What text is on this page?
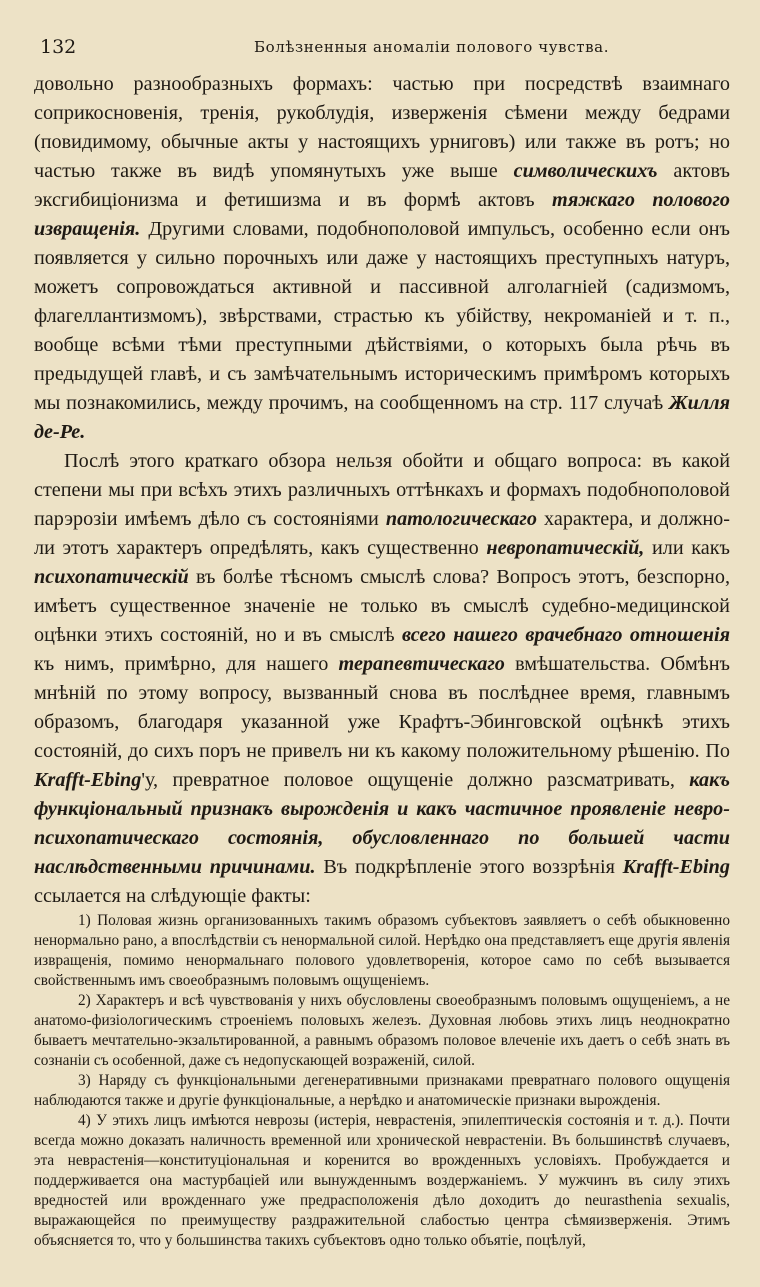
132	Болѣзненныя аномаліи полового чувства.

довольно разнообразныхъ формахъ: частью при посредствѣ взаимнаго соприкосновенія, тренія, рукоблудія, изверженія сѣмени между бедрами (повидимому, обычные акты у настоящихъ урниговъ) или также въ ротъ; но частью также въ видѣ упомянутыхъ уже выше символическихъ актовъ эксгибиціонизма и фетишизма и въ формѣ актовъ тяжкаго полового извращенія. Другими словами, подобнополовой импульсъ, особенно если онъ появляется у сильно порочныхъ или даже у настоящихъ преступныхъ натуръ, можетъ сопровождаться активной и пассивной алголагніей (садизмомъ, флагеллантизмомъ), звѣрствами, страстью къ убійству, некроманіей и т. п., вообще всѣми тѣми преступными дѣйствіями, о которыхъ была рѣчь въ предыдущей главѣ, и съ замѣчательнымъ историческимъ примѣромъ которыхъ мы познакомились, между прочимъ, на сообщенномъ на стр. 117 случаѣ Жилля де-Ре.

Послѣ этого краткаго обзора нельзя обойти и общаго вопроса: въ какой степени мы при всѣхъ этихъ различныхъ оттѣнкахъ и формахъ подобнополовой парэрозіи имѣемъ дѣло съ состояніями патологическаго характера, и должно-ли этотъ характеръ опредѣлять, какъ существенно невропатическій, или какъ психопатическій въ болѣе тѣсномъ смыслѣ слова? Вопросъ этотъ, безспорно, имѣетъ существенное значеніе не только въ смыслѣ судебно-медицинской оцѣнки этихъ состояній, но и въ смыслѣ всего нашего врачебнаго отношенія къ нимъ, примѣрно, для нашего терапевтическаго вмѣшательства. Обмѣнъ мнѣній по этому вопросу, вызванный снова въ послѣднее время, главнымъ образомъ, благодаря указанной уже Крафтъ-Эбинговской оцѣнкѣ этихъ состояній, до сихъ поръ не привелъ ни къ какому положительному рѣшенію. По Krafft-Ebing'у, превратное половое ощущеніе должно разсматривать, какъ функціональный признакъ вырожденія и какъ частичное проявленіе невро-психопатическаго состоянія, обусловленнаго по большей части наслѣдственными причинами. Въ подкрѣпленіе этого воззрѣнія Krafft-Ebing ссылается на слѣдующіе факты:

1) Половая жизнь организованныхъ такимъ образомъ субъектовъ заявляетъ о себѣ обыкновенно ненормально рано, а впослѣдствіи съ ненормальной силой. Нерѣдко она представляетъ еще другія явленія извращенія, помимо ненормальнаго полового удовлетворенія, которое само по себѣ вызывается свойственнымъ имъ своеобразнымъ половымъ ощущеніемъ.

2) Характеръ и всѣ чувствованія у нихъ обусловлены своеобразнымъ половымъ ощущеніемъ, а не анатомо-физіологическимъ строеніемъ половыхъ железъ. Духовная любовь этихъ лицъ неоднократно бываетъ мечтательно-экзальтированной, а равнымъ образомъ половое влеченіе ихъ даетъ о себѣ знать въ сознаніи съ особенной, даже съ недопускающей возраженій, силой.

3) Наряду съ функціональными дегенеративными признаками превратнаго полового ощущенія наблюдаются также и другіе функціональные, а нерѣдко и анатомическіе признаки вырожденія.

4) У этихъ лицъ имѣются неврозы (истерія, неврастенія, эпилептическія состоянія и т. д.). Почти всегда можно доказать наличность временной или хронической неврастеніи. Въ большинствѣ случаевъ, эта неврастенія—конституціональная и коренится во врожденныхъ условіяхъ. Пробуждается и поддерживается она мастурбаціей или вынужденнымъ воздержаніемъ. У мужчинъ въ силу этихъ вредностей или врожденнаго уже предрасположенія дѣло доходитъ до neurasthenia sexualis, выражающейся по преимуществу раздражительной слабостью центра сѣмяизверженія. Этимъ объясняется то, что у большинства такихъ субъектовъ одно только объятіе, поцѣлуй,
